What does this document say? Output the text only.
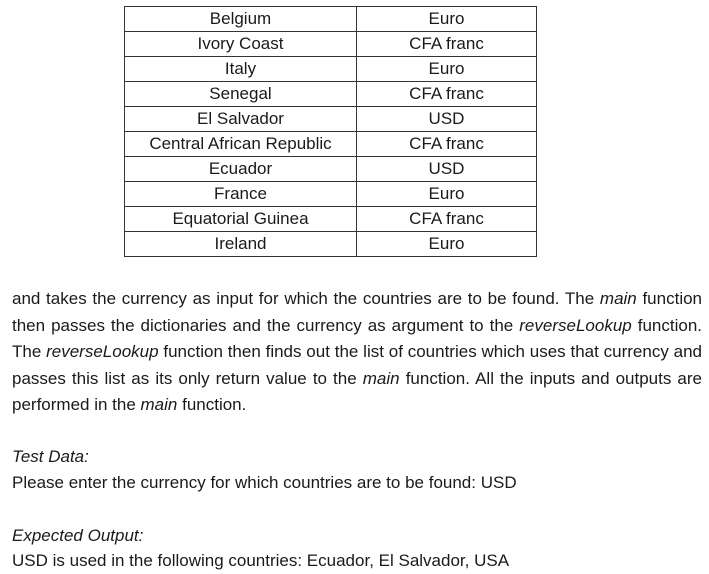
Belgium	Euro
Ivory Coast	CFA franc
Italy	Euro
Senegal	CFA franc
El Salvador	USD
Central African Republic	CFA franc
Ecuador	USD
France	Euro
Equatorial Guinea	CFA franc
Ireland	Euro

and takes the currency as input for which the countries are to be found. The main function then passes the dictionaries and the currency as argument to the reverseLookup function. The reverseLookup function then finds out the list of countries which uses that currency and passes this list as its only return value to the main function. All the inputs and outputs are performed in the main function.

Test Data:
Please enter the currency for which countries are to be found: USD
Expected Output:
USD is used in the following countries: Ecuador, El Salvador, USA
